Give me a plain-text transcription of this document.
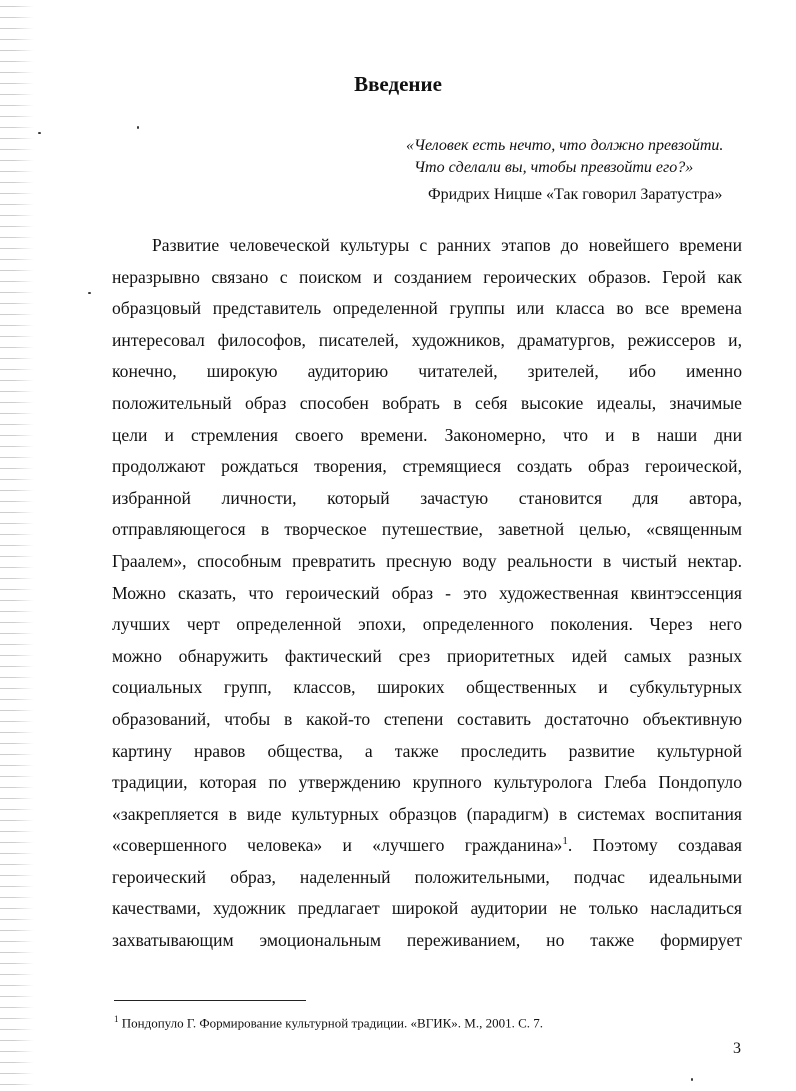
Введение
«Человек есть нечто, что должно превзойти.
Что сделали вы, чтобы превзойти его?»
Фридрих Ницше «Так говорил Заратустра»
Развитие человеческой культуры с ранних этапов до новейшего времени
неразрывно связано с поиском и созданием героических образов. Герой как
образцовый представитель определенной группы или класса во все времена
интересовал философов, писателей, художников, драматургов, режиссеров и,
конечно, широкую аудиторию читателей, зрителей, ибо именно
положительный образ способен вобрать в себя высокие идеалы, значимые
цели и стремления своего времени. Закономерно, что и в наши дни
продолжают рождаться творения, стремящиеся создать образ героической,
избранной личности, который зачастую становится для автора,
отправляющегося в творческое путешествие, заветной целью, «священным
Граалем», способным превратить пресную воду реальности в чистый нектар.
Можно сказать, что героический образ - это художественная квинтэссенция
лучших черт определенной эпохи, определенного поколения. Через него
можно обнаружить фактический срез приоритетных идей самых разных
социальных групп, классов, широких общественных и субкультурных
образований, чтобы в какой-то степени составить достаточно объективную
картину нравов общества, а также проследить развитие культурной
традиции, которая по утверждению крупного культуролога Глеба Пондопуло
«закрепляется в виде культурных образцов (парадигм) в системах воспитания
«совершенного человека» и «лучшего гражданина»$^1$. Поэтому создавая
героический образ, наделенный положительными, подчас идеальными
качествами, художник предлагает широкой аудитории не только насладиться
захватывающим эмоциональным переживанием, но также формирует
$^1$ Пондопуло Г. Формирование культурной традиции. «ВГИК». М., 2001. С. 7.
3
